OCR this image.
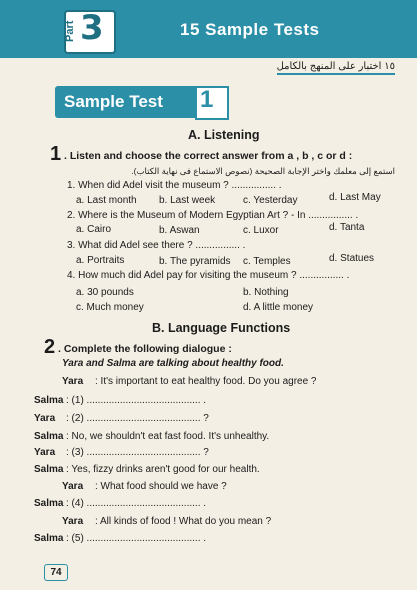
Part 3	15 Sample Tests
١٥ اختبار على المنهج بالكامل
Sample Test 1
A. Listening
1 . Listen and choose the correct answer from a , b , c or d :
استمع إلى معلمك واختر الإجابة الصحيحة (نصوص الاستماع فى نهاية الكتاب).
1. When did Adel visit the museum ? ................ .
a. Last month b. Last week	c. Yesterday	d. Last May
2. Where is the Museum of Modern Egyptian Art ? - In ................ .
a. Cairo	b. Aswan	c. Luxor	d. Tanta
3. What did Adel see there ? ................ .
a. Portraits	b. The pyramids c. Temples	d. Statues
4. How much did Adel pay for visiting the museum ? ................ .
a. 30 pounds	b. Nothing
c. Much money	d. A little money
B. Language Functions
2 . Complete the following dialogue :
Yara and Salma are talking about healthy food.
Yara : It's important to eat healthy food. Do you agree ?
Salma : (1) ......................................... .
Yara : (2) ......................................... ?
Salma : No, we shouldn't eat fast food. It's unhealthy.
Yara : (3) ......................................... ?
Salma : Yes, fizzy drinks aren't good for our health.
Yara : What food should we have ?
Salma : (4) ......................................... .
Yara : All kinds of food ! What do you mean ?
Salma : (5) ......................................... .
74
